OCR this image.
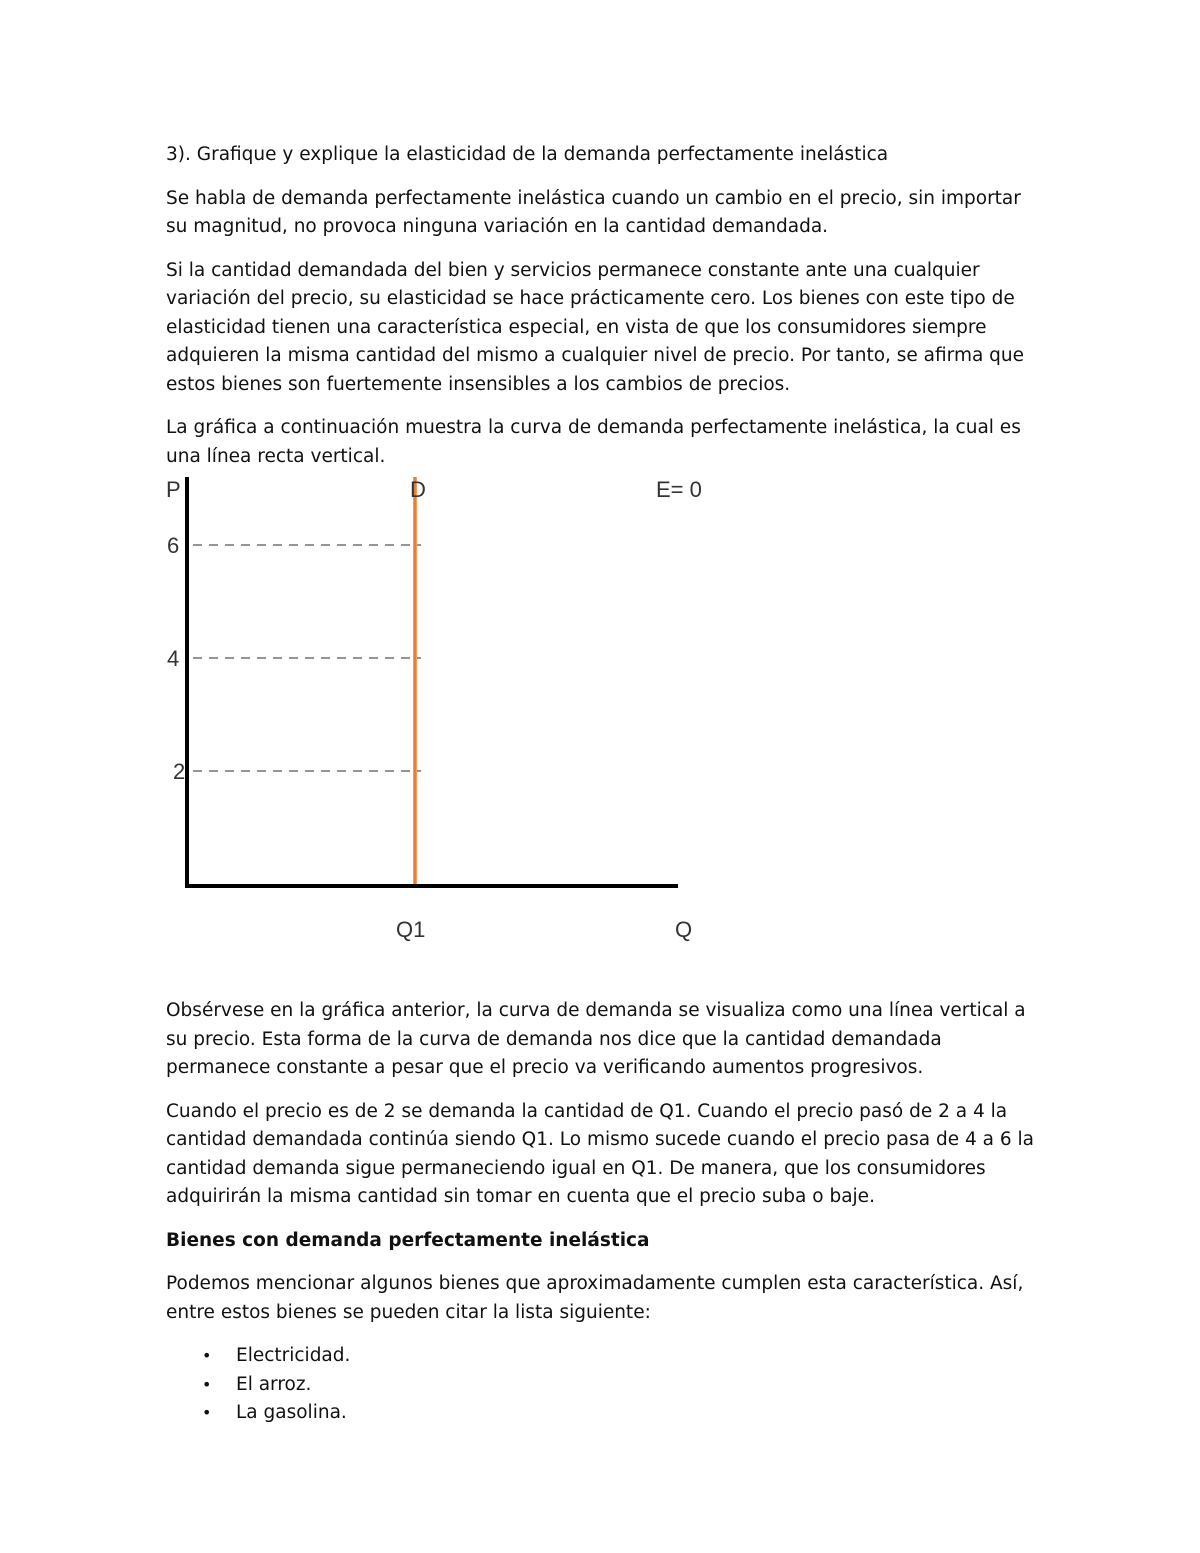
3). Grafique y explique la elasticidad de la demanda perfectamente inelástica

Se habla de demanda perfectamente inelástica cuando un cambio en el precio, sin importar su magnitud, no provoca ninguna variación en la cantidad demandada.

Si la cantidad demandada del bien y servicios permanece constante ante una cualquier variación del precio, su elasticidad se hace prácticamente cero. Los bienes con este tipo de elasticidad tienen una característica especial, en vista de que los consumidores siempre adquieren la misma cantidad del mismo a cualquier nivel de precio. Por tanto, se afirma que estos bienes son fuertemente insensibles a los cambios de precios.

La gráfica a continuación muestra la curva de demanda perfectamente inelástica, la cual es una línea recta vertical.

2
4
6
P	D	E= 0
Q1	Q

Obsérvese en la gráfica anterior, la curva de demanda se visualiza como una línea vertical a su precio. Esta forma de la curva de demanda nos dice que la cantidad demandada permanece constante a pesar que el precio va verificando aumentos progresivos.

Cuando el precio es de 2 se demanda la cantidad de Q1. Cuando el precio pasó de 2 a 4 la cantidad demandada continúa siendo Q1. Lo mismo sucede cuando el precio pasa de 4 a 6 la cantidad demanda sigue permaneciendo igual en Q1. De manera, que los consumidores adquirirán la misma cantidad sin tomar en cuenta que el precio suba o baje.

Bienes con demanda perfectamente inelástica

Podemos mencionar algunos bienes que aproximadamente cumplen esta característica. Así, entre estos bienes se pueden citar la lista siguiente:

• Electricidad.
• El arroz.
• La gasolina.
